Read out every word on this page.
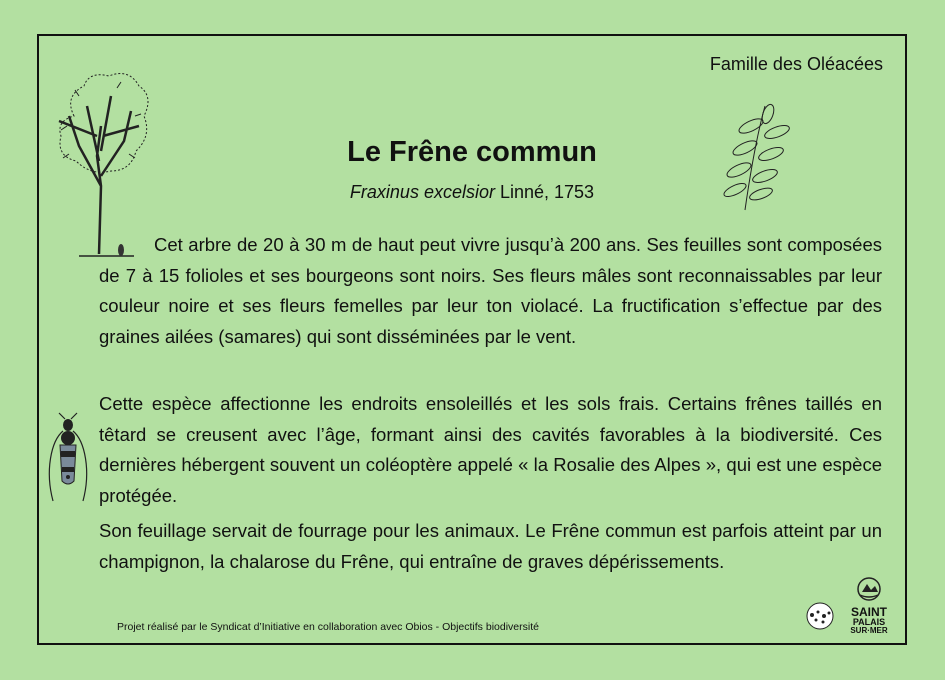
Famille des Oléacées
Le Frêne commun
Fraxinus excelsior Linné, 1753

Cet arbre de 20 à 30 m de haut peut vivre jusqu’à 200 ans. Ses feuilles sont composées de 7 à 15 folioles et ses bourgeons sont noirs. Ses fleurs mâles sont reconnaissables par leur couleur noire et ses fleurs femelles par leur ton violacé. La fructification s’effectue par des graines ailées (samares) qui sont disséminées par le vent.

Cette espèce affectionne les endroits ensoleillés et les sols frais. Certains frênes taillés en têtard se creusent avec l’âge, formant ainsi des cavités favorables à la biodiversité. Ces dernières hébergent souvent un coléoptère appelé « la Rosalie des Alpes », qui est une espèce protégée.

Son feuillage servait de fourrage pour les animaux. Le Frêne commun est parfois atteint par un champignon, la chalarose du Frêne, qui entraîne de graves dépérissements.

Projet réalisé par le Syndicat d’Initiative en collaboration avec Obios - Objectifs biodiversité
SAINT
PALAIS
SUR·MER
